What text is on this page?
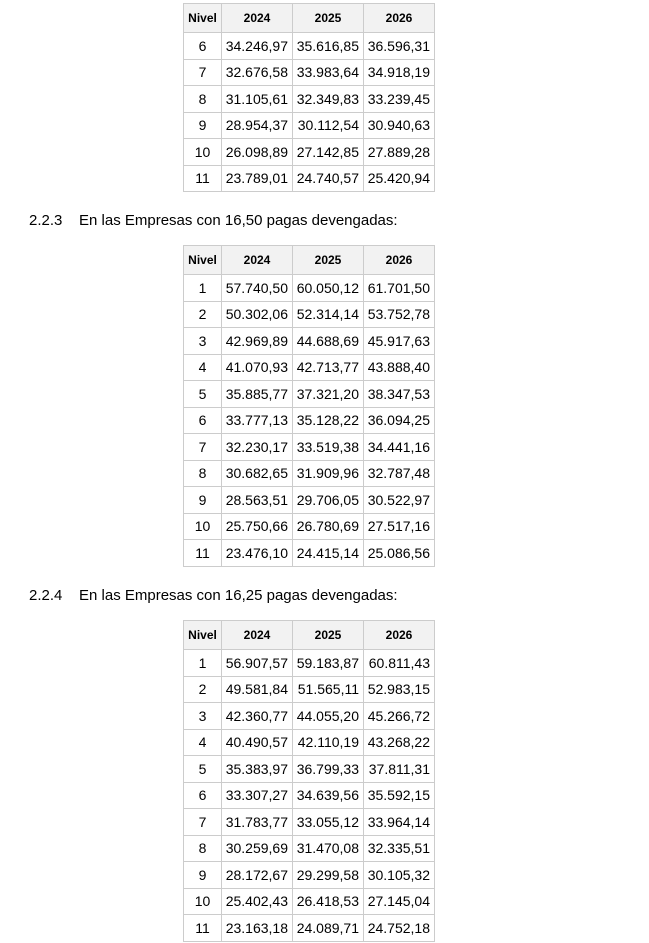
Nivel	2024	2025	2026
6	34.246,97	35.616,85	36.596,31
7	32.676,58	33.983,64	34.918,19
8	31.105,61	32.349,83	33.239,45
9	28.954,37	30.112,54	30.940,63
10	26.098,89	27.142,85	27.889,28
11	23.789,01	24.740,57	25.420,94
2.2.3 En las Empresas con 16,50 pagas devengadas:
Nivel	2024	2025	2026
1	57.740,50	60.050,12	61.701,50
2	50.302,06	52.314,14	53.752,78
3	42.969,89	44.688,69	45.917,63
4	41.070,93	42.713,77	43.888,40
5	35.885,77	37.321,20	38.347,53
6	33.777,13	35.128,22	36.094,25
7	32.230,17	33.519,38	34.441,16
8	30.682,65	31.909,96	32.787,48
9	28.563,51	29.706,05	30.522,97
10	25.750,66	26.780,69	27.517,16
11	23.476,10	24.415,14	25.086,56
2.2.4 En las Empresas con 16,25 pagas devengadas:
Nivel	2024	2025	2026
1	56.907,57	59.183,87	60.811,43
2	49.581,84	51.565,11	52.983,15
3	42.360,77	44.055,20	45.266,72
4	40.490,57	42.110,19	43.268,22
5	35.383,97	36.799,33	37.811,31
6	33.307,27	34.639,56	35.592,15
7	31.783,77	33.055,12	33.964,14
8	30.259,69	31.470,08	32.335,51
9	28.172,67	29.299,58	30.105,32
10	25.402,43	26.418,53	27.145,04
11	23.163,18	24.089,71	24.752,18
